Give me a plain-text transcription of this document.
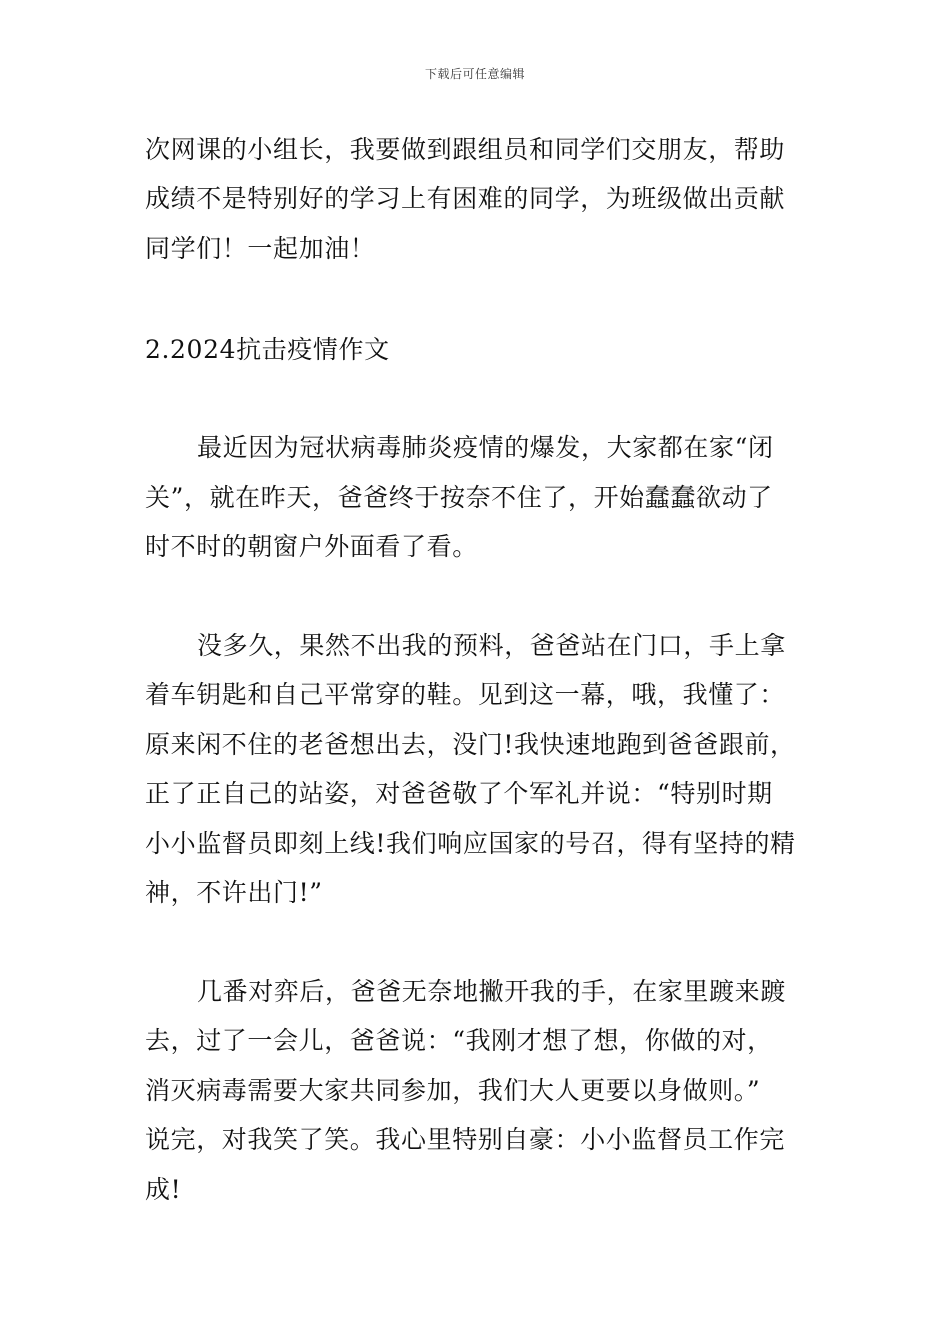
下载后可任意编辑
次网课的小组长，我要做到跟组员和同学们交朋友，帮助
成绩不是特别好的学习上有困难的同学，为班级做出贡献
同学们！一起加油！
2.2024抗击疫情作文
最近因为冠状病毒肺炎疫情的爆发，大家都在家“闭
关”，就在昨天，爸爸终于按奈不住了，开始蠢蠢欲动了
时不时的朝窗户外面看了看。
没多久，果然不出我的预料，爸爸站在门口，手上拿
着车钥匙和自己平常穿的鞋。见到这一幕，哦，我懂了：
原来闲不住的老爸想出去，没门!我快速地跑到爸爸跟前，
正了正自己的站姿，对爸爸敬了个军礼并说：“特别时期
小小监督员即刻上线!我们响应国家的号召，得有坚持的精
神，不许出门!”
几番对弈后，爸爸无奈地撇开我的手，在家里踱来踱
去，过了一会儿，爸爸说：“我刚才想了想，你做的对，
消灭病毒需要大家共同参加，我们大人更要以身做则。”
说完，对我笑了笑。我心里特别自豪：小小监督员工作完
成!
